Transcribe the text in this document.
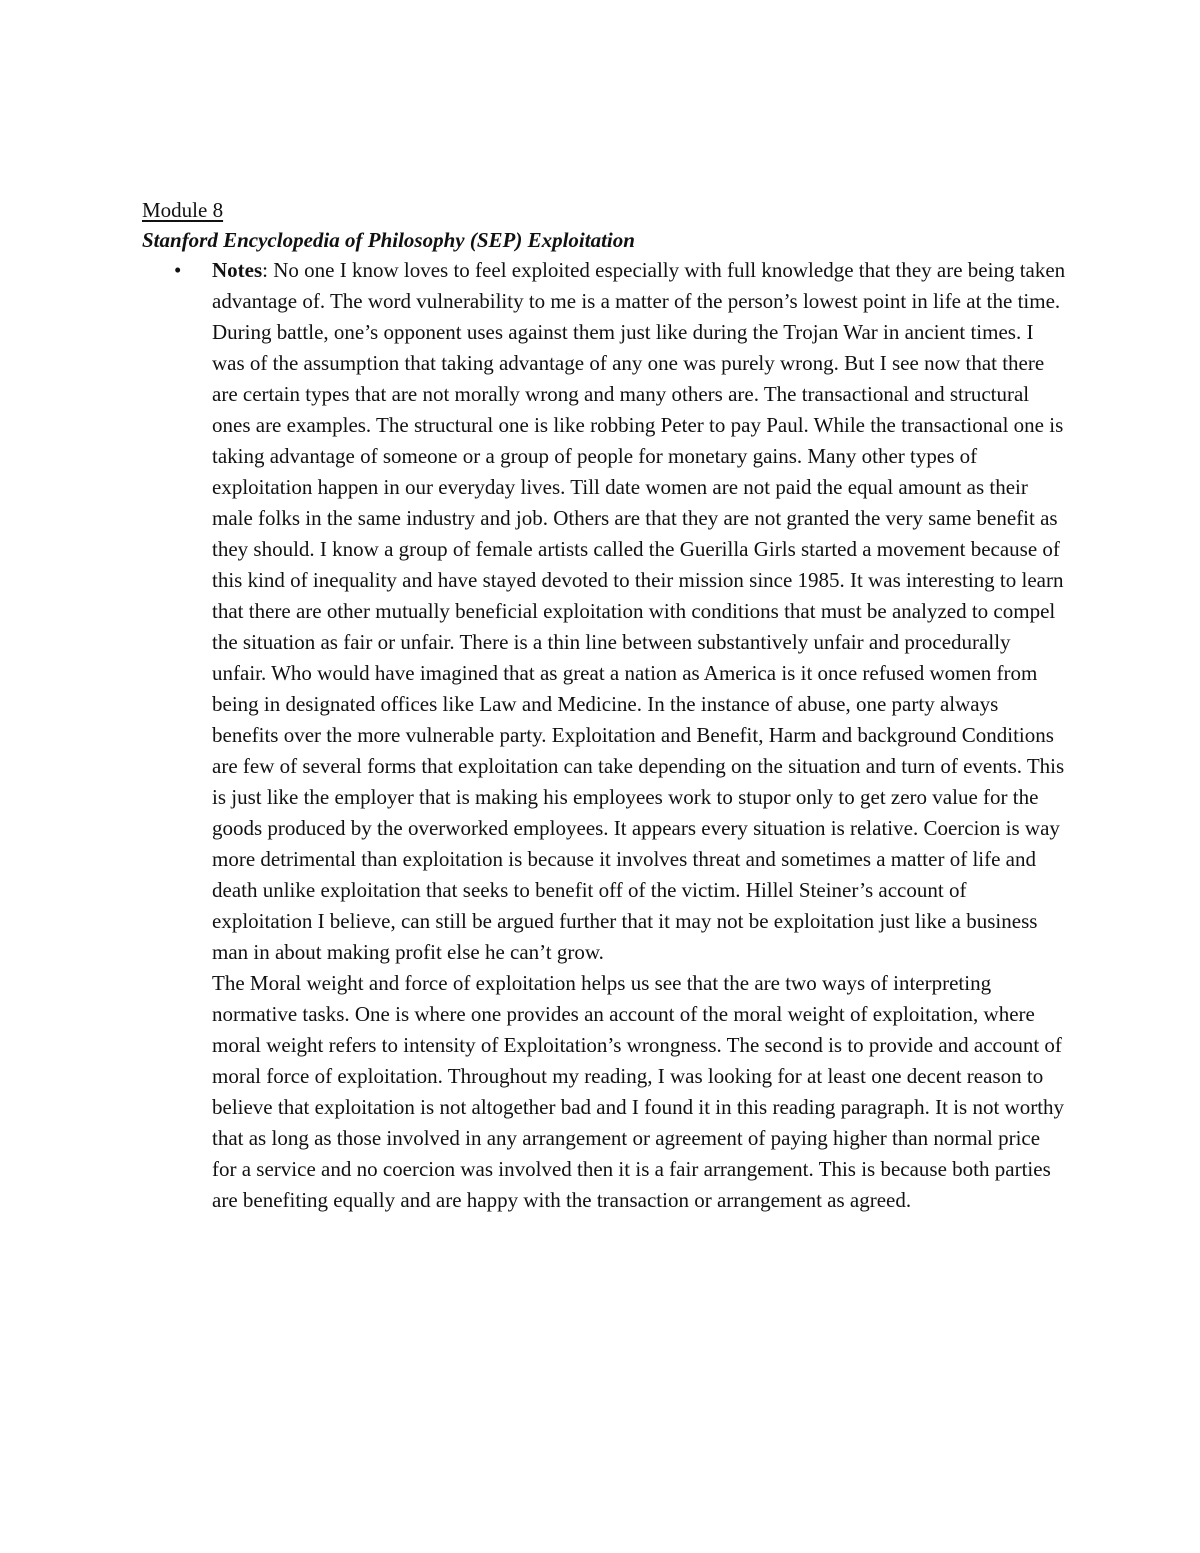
Module 8

Stanford Encyclopedia of Philosophy (SEP) Exploitation

• Notes: No one I know loves to feel exploited especially with full knowledge that they are being taken advantage of. The word vulnerability to me is a matter of the person’s lowest point in life at the time. During battle, one’s opponent uses against them just like during the Trojan War in ancient times. I was of the assumption that taking advantage of any one was purely wrong. But I see now that there are certain types that are not morally wrong and many others are. The transactional and structural ones are examples. The structural one is like robbing Peter to pay Paul. While the transactional one is taking advantage of someone or a group of people for monetary gains. Many other types of exploitation happen in our everyday lives. Till date women are not paid the equal amount as their male folks in the same industry and job. Others are that they are not granted the very same benefit as they should. I know a group of female artists called the Guerilla Girls started a movement because of this kind of inequality and have stayed devoted to their mission since 1985. It was interesting to learn that there are other mutually beneficial exploitation with conditions that must be analyzed to compel the situation as fair or unfair. There is a thin line between substantively unfair and procedurally unfair. Who would have imagined that as great a nation as America is it once refused women from being in designated offices like Law and Medicine. In the instance of abuse, one party always benefits over the more vulnerable party. Exploitation and Benefit, Harm and background Conditions are few of several forms that exploitation can take depending on the situation and turn of events. This is just like the employer that is making his employees work to stupor only to get zero value for the goods produced by the overworked employees. It appears every situation is relative. Coercion is way more detrimental than exploitation is because it involves threat and sometimes a matter of life and death unlike exploitation that seeks to benefit off of the victim. Hillel Steiner’s account of exploitation I believe, can still be argued further that it may not be exploitation just like a business man in about making profit else he can’t grow.

The Moral weight and force of exploitation helps us see that the are two ways of interpreting normative tasks. One is where one provides an account of the moral weight of exploitation, where moral weight refers to intensity of Exploitation’s wrongness. The second is to provide and account of moral force of exploitation. Throughout my reading, I was looking for at least one decent reason to believe that exploitation is not altogether bad and I found it in this reading paragraph. It is not worthy that as long as those involved in any arrangement or agreement of paying higher than normal price for a service and no coercion was involved then it is a fair arrangement. This is because both parties are benefiting equally and are happy with the transaction or arrangement as agreed.
